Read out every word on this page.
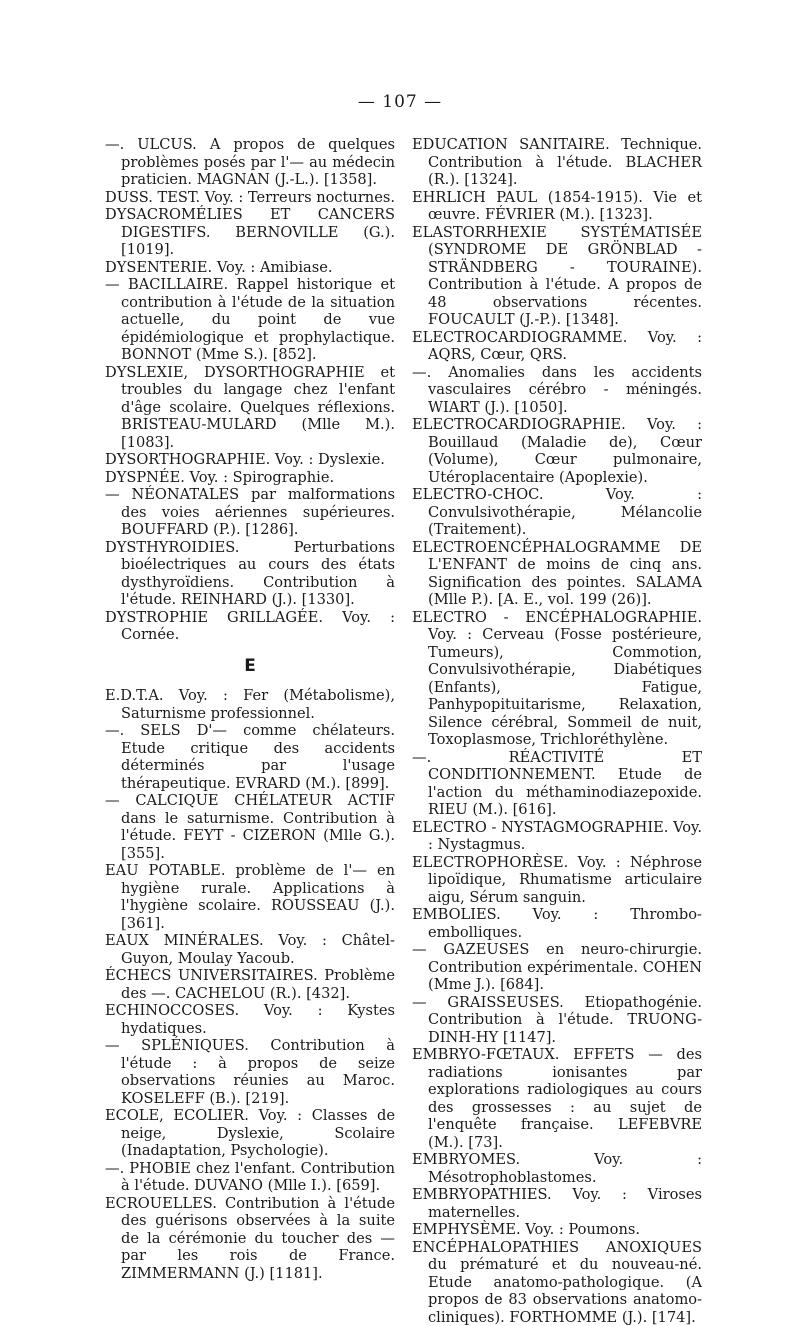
— 107 —

—. ULCUS. A propos de quelques problèmes posés par l'— au médecin praticien. MAGNAN (J.-L.). [1358].

DUSS. TEST. Voy. : Terreurs nocturnes.

DYSACROMÉLIES ET CANCERS DIGESTIFS. BERNOVILLE (G.). [1019].

DYSENTERIE. Voy. : Amibiase.

— BACILLAIRE. Rappel historique et contribution à l'étude de la situation actuelle, du point de vue épidémiologique et prophylactique. BONNOT (Mme S.). [852].

DYSLEXIE, DYSORTHOGRAPHIE et troubles du langage chez l'enfant d'âge scolaire. Quelques réflexions. BRISTEAU-MULARD (Mlle M.). [1083].

DYSORTHOGRAPHIE. Voy. : Dyslexie.

DYSPNÉE. Voy. : Spirographie.

— NÉONATALES par malformations des voies aériennes supérieures. BOUFFARD (P.). [1286].

DYSTHYROIDIES. Perturbations bioélectriques au cours des états dysthyroïdiens. Contribution à l'étude. REINHARD (J.). [1330].

DYSTROPHIE GRILLAGÉE. Voy. : Cornée.

E

E.D.T.A. Voy. : Fer (Métabolisme), Saturnisme professionnel.

—. SELS D'— comme chélateurs. Etude critique des accidents déterminés par l'usage thérapeutique. EVRARD (M.). [899].

— CALCIQUE CHÉLATEUR ACTIF dans le saturnisme. Contribution à l'étude. FEYT - CIZERON (Mlle G.). [355].

EAU POTABLE. problème de l'— en hygiène rurale. Applications à l'hygiène scolaire. ROUSSEAU (J.). [361].

EAUX MINÉRALES. Voy. : Châtel-Guyon, Moulay Yacoub.

ÉCHECS UNIVERSITAIRES. Problème des —. CACHELOU (R.). [432].

ECHINOCCOSES. Voy. : Kystes hydatiques.

— SPLÉNIQUES. Contribution à l'étude : à propos de seize observations réunies au Maroc. KOSELEFF (B.). [219].

ECOLE, ECOLIER. Voy. : Classes de neige, Dyslexie, Scolaire (Inadaptation, Psychologie).

—. PHOBIE chez l'enfant. Contribution à l'étude. DUVANO (Mlle I.). [659].

ECROUELLES. Contribution à l'étude des guérisons observées à la suite de la cérémonie du toucher des — par les rois de France. ZIMMERMANN (J.) [1181].

EDUCATION SANITAIRE. Technique. Contribution à l'étude. BLACHER (R.). [1324].

EHRLICH PAUL (1854-1915). Vie et œuvre. FÉVRIER (M.). [1323].

ELASTORRHEXIE SYSTÉMATISÉE (SYNDROME DE GRÖNBLAD - STRÄNDBERG - TOURAINE). Contribution à l'étude. A propos de 48 observations récentes. FOUCAULT (J.-P.). [1348].

ELECTROCARDIOGRAMME. Voy. : AQRS, Cœur, QRS.

—. Anomalies dans les accidents vasculaires cérébro - méningés. WIART (J.). [1050].

ELECTROCARDIOGRAPHIE. Voy. : Bouillaud (Maladie de), Cœur (Volume), Cœur pulmonaire, Utéroplacentaire (Apoplexie).

ELECTRO-CHOC. Voy. : Convulsivothérapie, Mélancolie (Traitement).

ELECTROENCÉPHALOGRAMME DE L'ENFANT de moins de cinq ans. Signification des pointes. SALAMA (Mlle P.). [A. E., vol. 199 (26)].

ELECTRO - ENCÉPHALOGRAPHIE. Voy. : Cerveau (Fosse postérieure, Tumeurs), Commotion, Convulsivothérapie, Diabétiques (Enfants), Fatigue, Panhypopituitarisme, Relaxation, Silence cérébral, Sommeil de nuit, Toxoplasmose, Trichloréthylène.

—. RÉACTIVITÉ ET CONDITIONNEMENT. Etude de l'action du méthaminodiazepoxide. RIEU (M.). [616].

ELECTRO - NYSTAGMOGRAPHIE. Voy. : Nystagmus.

ELECTROPHORÈSE. Voy. : Néphrose lipoïdique, Rhumatisme articulaire aigu, Sérum sanguin.

EMBOLIES. Voy. : Thrombo-embolliques.

— GAZEUSES en neuro-chirurgie. Contribution expérimentale. COHEN (Mme J.). [684].

— GRAISSEUSES. Etiopathogénie. Contribution à l'étude. TRUONG-DINH-HY [1147].

EMBRYO-FŒTAUX. EFFETS — des radiations ionisantes par explorations radiologiques au cours des grossesses : au sujet de l'enquête française. LEFEBVRE (M.). [73].

EMBRYOMES. Voy. : Mésotrophoblastomes.

EMBRYOPATHIES. Voy. : Viroses maternelles.

EMPHYSÈME. Voy. : Poumons.

ENCÉPHALOPATHIES ANOXIQUES du prématuré et du nouveau-né. Etude anatomo-pathologique. (A propos de 83 observations anatomo-cliniques). FORTHOMME (J.). [174].
